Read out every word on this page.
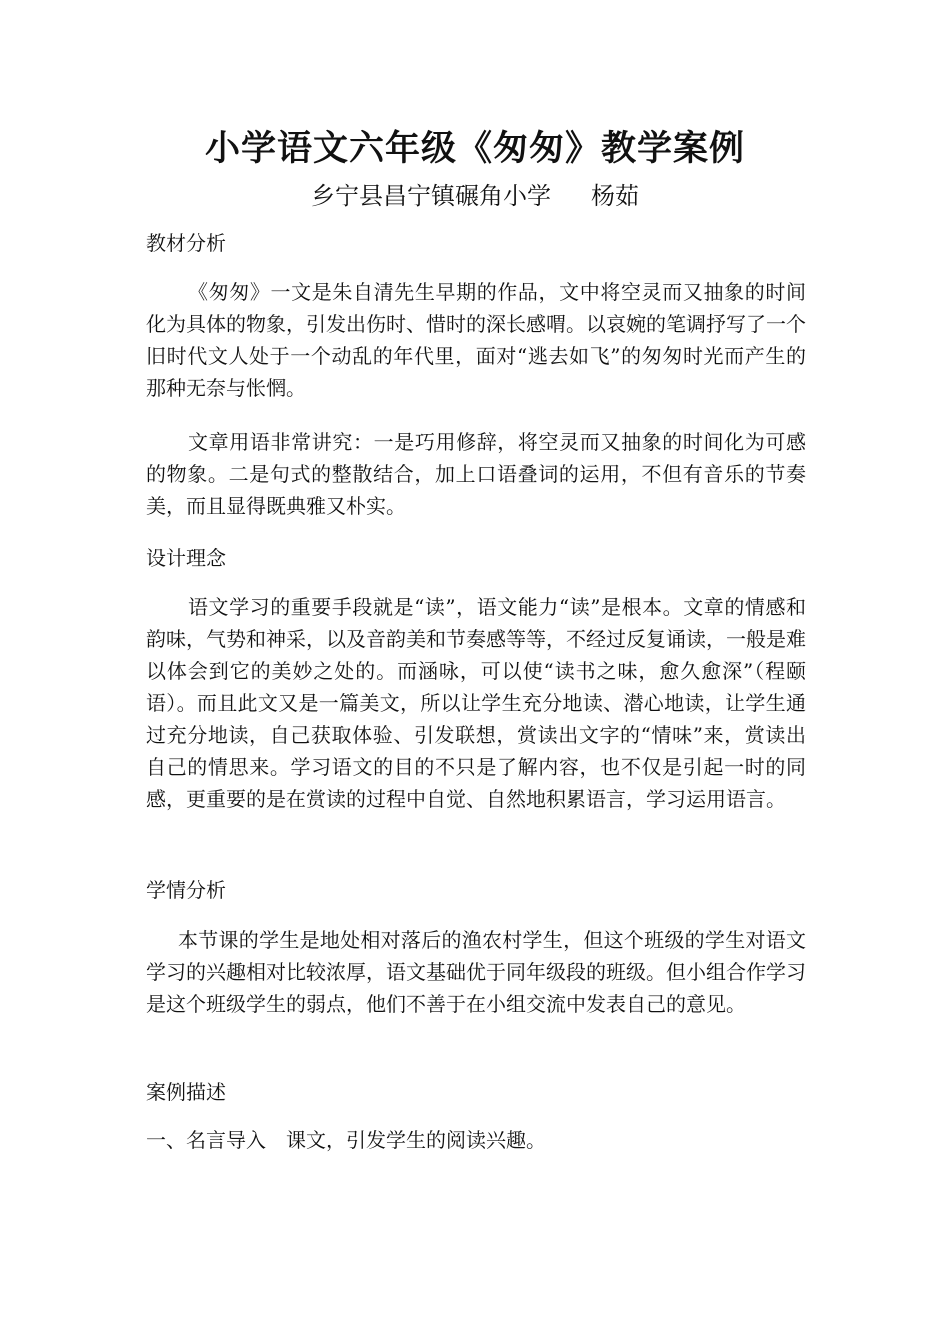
小学语文六年级《匆匆》教学案例
乡宁县昌宁镇碾角小学 杨茹
教材分析
《匆匆》一文是朱自清先生早期的作品，文中将空灵而又抽象的时间化为具体的物象，引发出伤时、惜时的深长感喟。以哀婉的笔调抒写了一个旧时代文人处于一个动乱的年代里，面对“逃去如飞”的匆匆时光而产生的那种无奈与怅惘。
文章用语非常讲究：一是巧用修辞，将空灵而又抽象的时间化为可感的物象。二是句式的整散结合，加上口语叠词的运用，不但有音乐的节奏美，而且显得既典雅又朴实。
设计理念
语文学习的重要手段就是“读”，语文能力“读”是根本。文章的情感和韵味，气势和神采，以及音韵美和节奏感等等，不经过反复诵读，一般是难以体会到它的美妙之处的。而涵咏，可以使“读书之味，愈久愈深”（程颐语）。而且此文又是一篇美文，所以让学生充分地读、潜心地读，让学生通过充分地读，自己获取体验、引发联想，赏读出文字的“情味”来，赏读出自己的情思来。学习语文的目的不只是了解内容，也不仅是引起一时的同感，更重要的是在赏读的过程中自觉、自然地积累语言，学习运用语言。
学情分析
本节课的学生是地处相对落后的渔农村学生，但这个班级的学生对语文学习的兴趣相对比较浓厚，语文基础优于同年级段的班级。但小组合作学习是这个班级学生的弱点，他们不善于在小组交流中发表自己的意见。
案例描述
一、名言导入　课文，引发学生的阅读兴趣。
